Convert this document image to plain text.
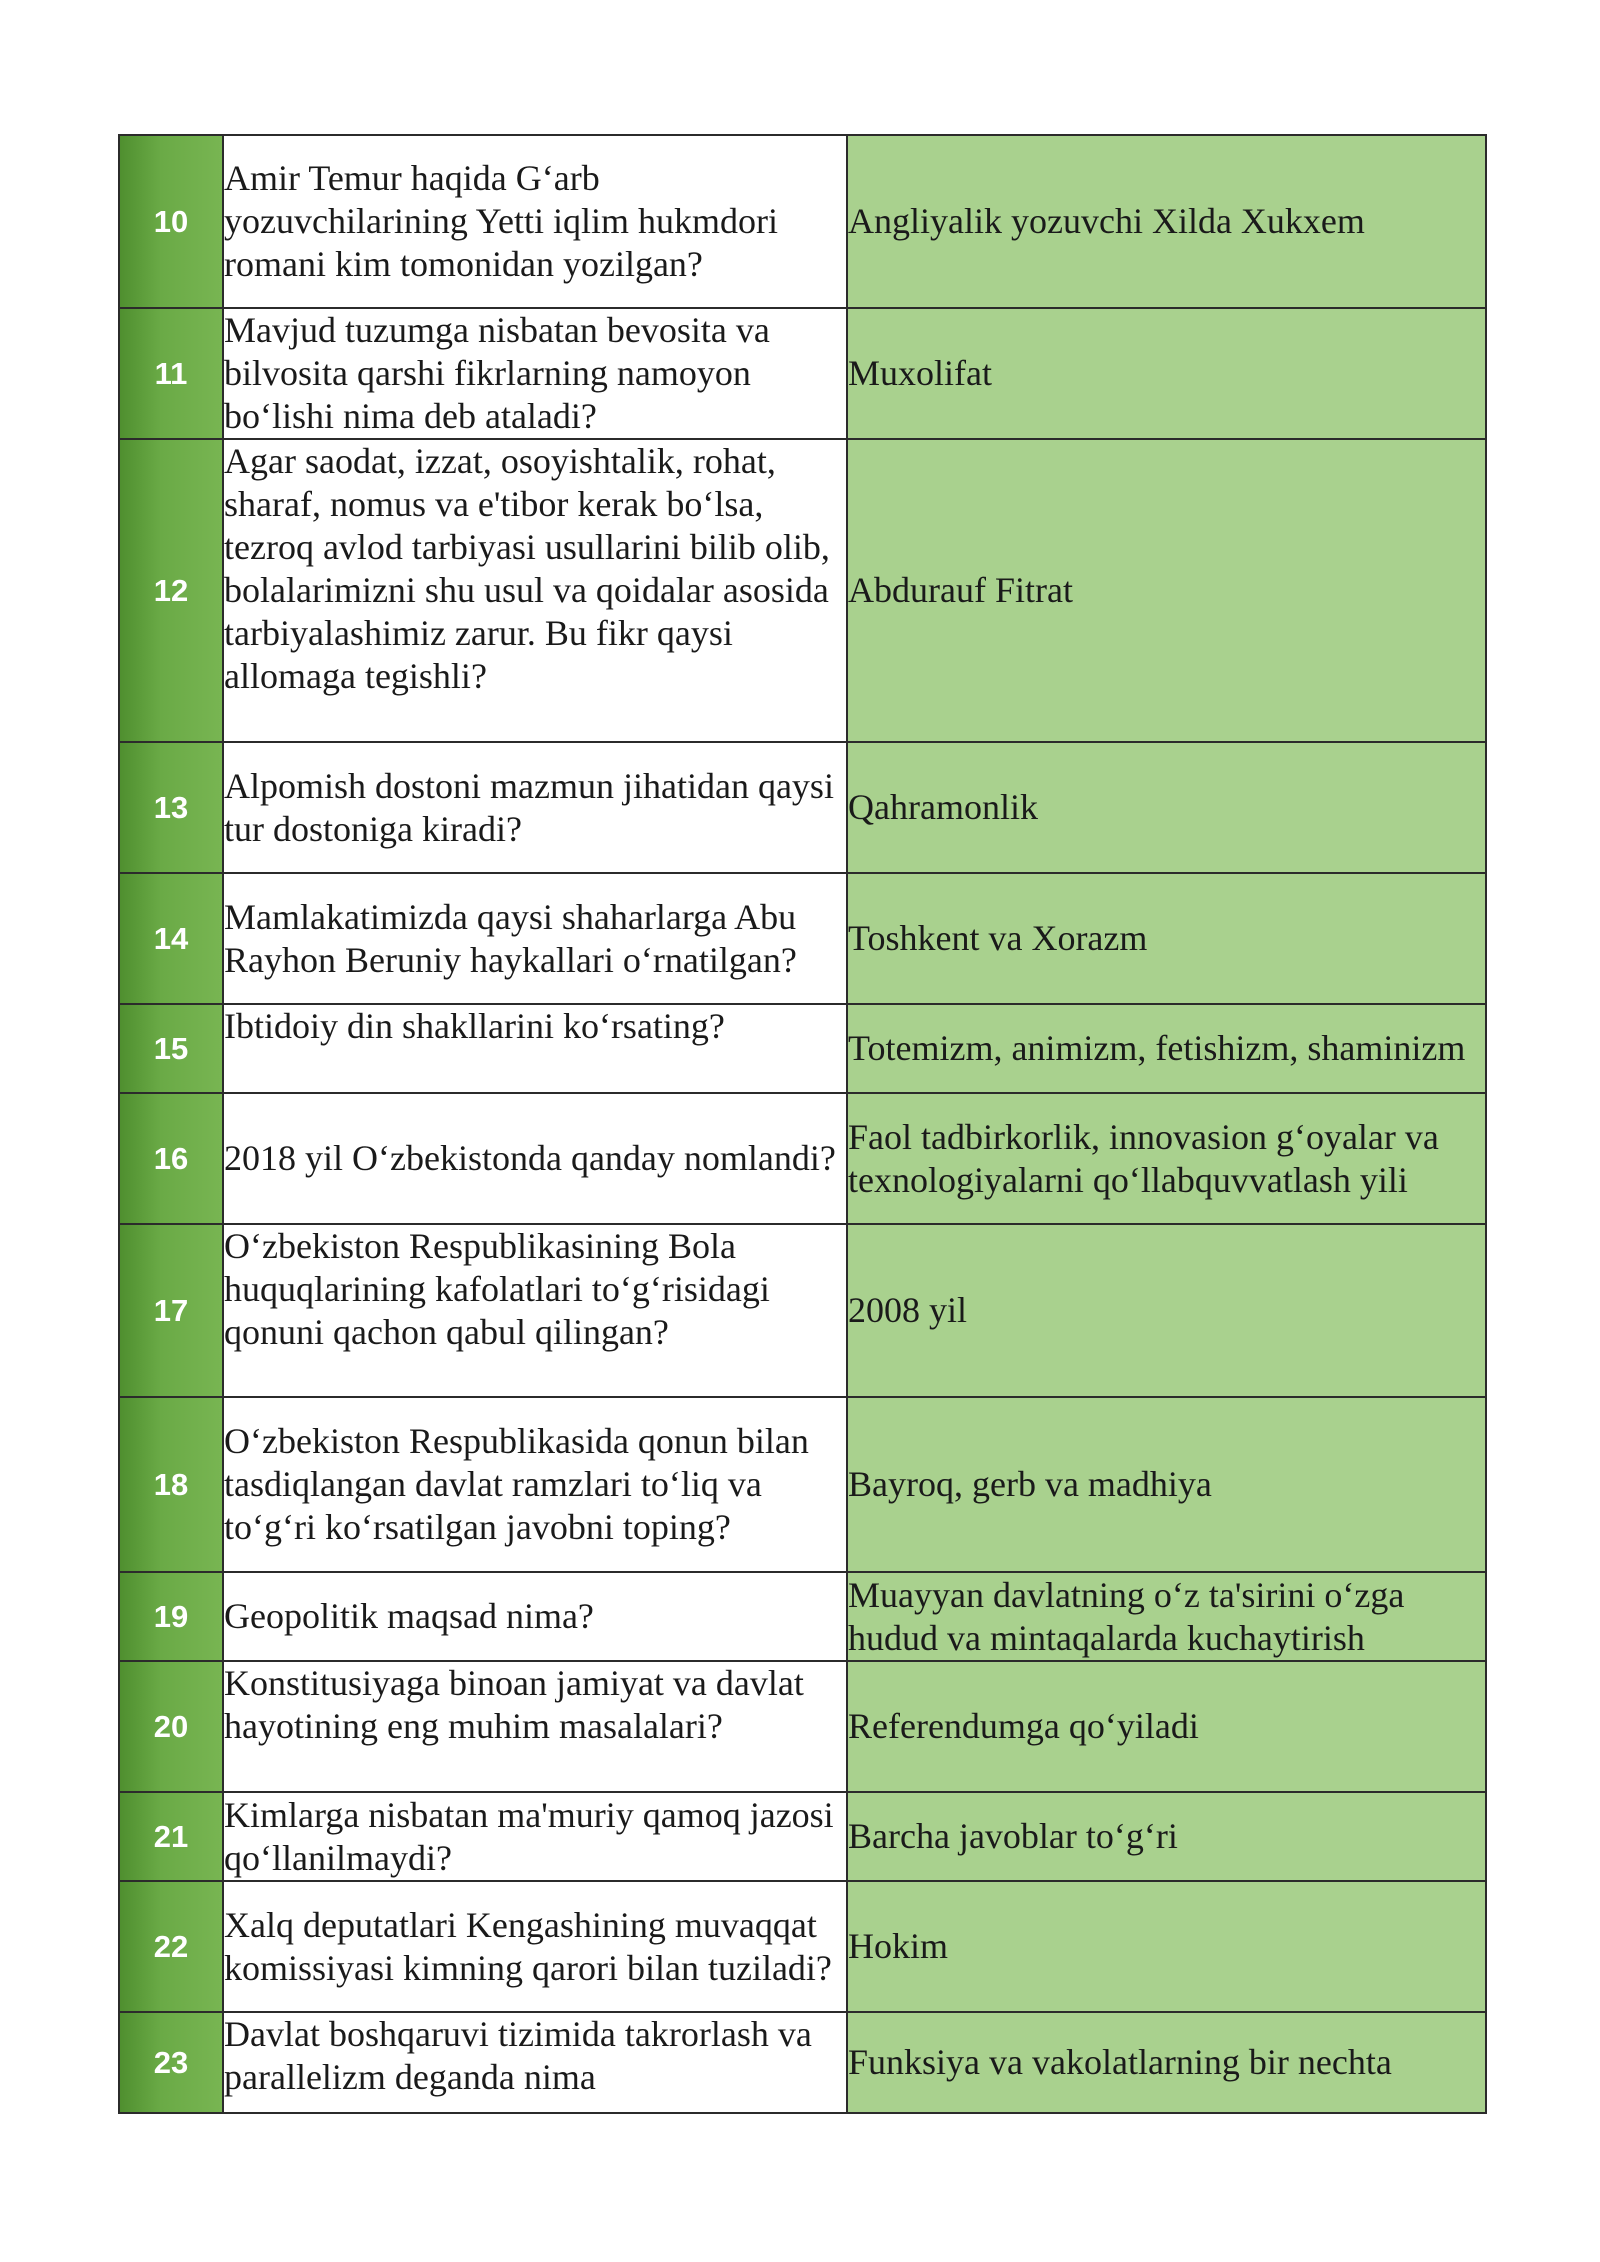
10	Amir Temur haqida G‘arb yozuvchilarining Yetti iqlim hukmdori romani kim tomonidan yozilgan?	Angliyalik yozuvchi Xilda Xukxem

11	Mavjud tuzumga nisbatan bevosita va bilvosita qarshi fikrlarning namoyon bo‘lishi nima deb ataladi?	Muxolifat

12	Agar saodat, izzat, osoyishtalik, rohat, sharaf, nomus va e'tibor kerak bo‘lsa, tezroq avlod tarbiyasi usullarini bilib olib, bolalarimizni shu usul va qoidalar asosida tarbiyalashimiz zarur. Bu fikr qaysi allomaga tegishli?	Abdurauf Fitrat

13	Alpomish dostoni mazmun jihatidan qaysi tur dostoniga kiradi?	Qahramonlik

14	Mamlakatimizda qaysi shaharlarga Abu Rayhon Beruniy haykallari o‘rnatilgan?	Toshkent va Xorazm

15	Ibtidoiy din shakllarini ko‘rsating?	Totemizm, animizm, fetishizm, shaminizm

16	2018 yil O‘zbekistonda qanday nomlandi?	Faol tadbirkorlik, innovasion g‘oyalar va texnologiyalarni qo‘llabquvvatlash yili

17	O‘zbekiston Respublikasining Bola huquqlarining kafolatlari to‘g‘risidagi qonuni qachon qabul qilingan?	2008 yil

18	O‘zbekiston Respublikasida qonun bilan tasdiqlangan davlat ramzlari to‘liq va to‘g‘ri ko‘rsatilgan javobni toping?	Bayroq, gerb va madhiya

19	Geopolitik maqsad nima?	Muayyan davlatning o‘z ta'sirini o‘zga hudud va mintaqalarda kuchaytirish

20	Konstitusiyaga binoan jamiyat va davlat hayotining eng muhim masalalari?	Referendumga qo‘yiladi

21	Kimlarga nisbatan ma'muriy qamoq jazosi qo‘llanilmaydi?	Barcha javoblar to‘g‘ri

22	Xalq deputatlari Kengashining muvaqqat komissiyasi kimning qarori bilan tuziladi?	Hokim

23	Davlat boshqaruvi tizimida takrorlash va parallelizm deganda nima	Funksiya va vakolatlarning bir nechta
